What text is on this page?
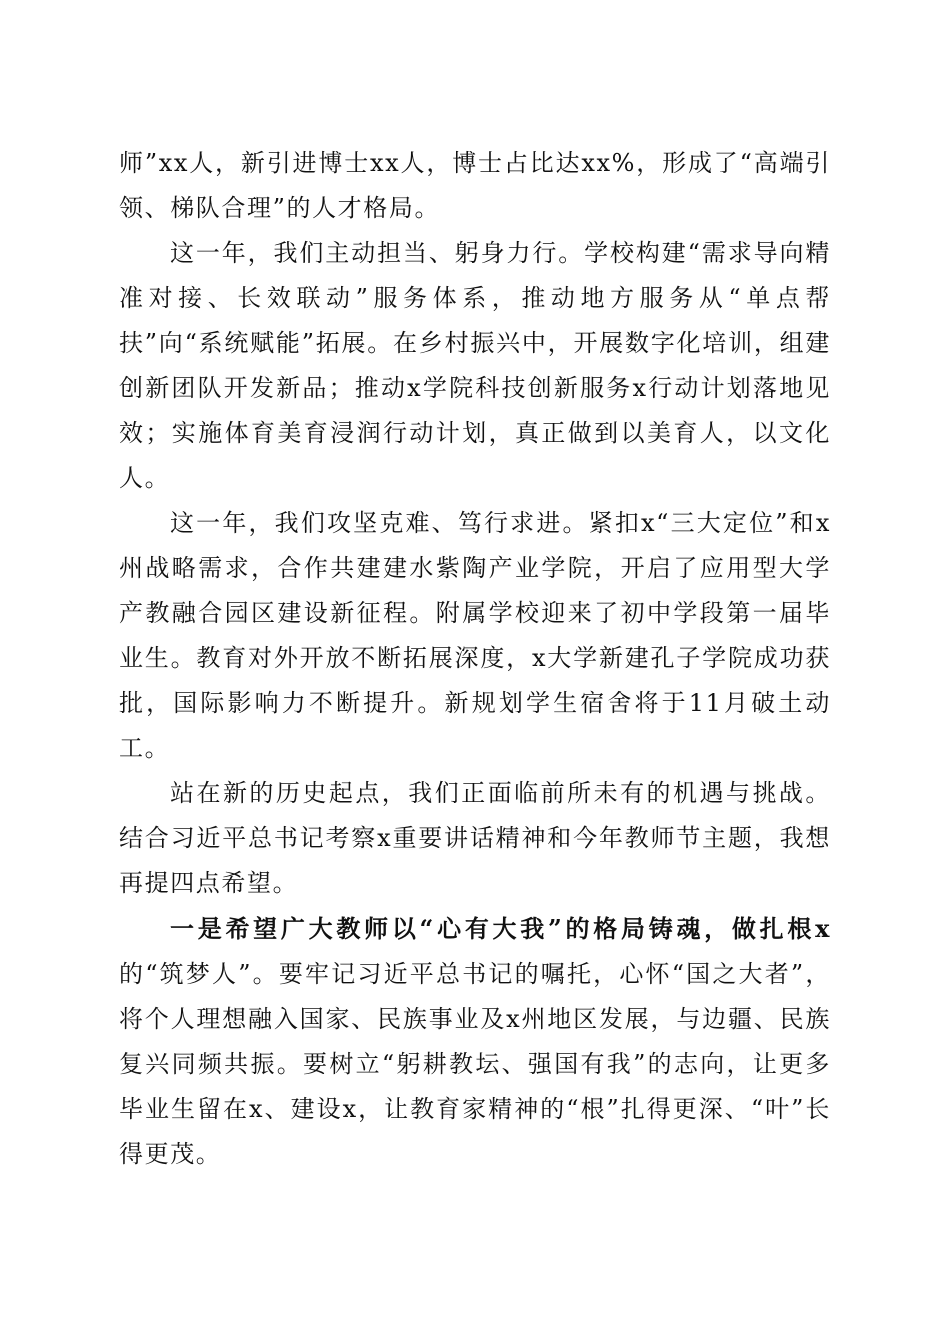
师”xx人，新引进博士xx人，博士占比达xx%，形成了“高端引领、梯队合理”的人才格局。

这一年，我们主动担当、躬身力行。学校构建“需求导向精准对接、长效联动”服务体系，推动地方服务从“单点帮扶”向“系统赋能”拓展。在乡村振兴中，开展数字化培训，组建创新团队开发新品；推动x学院科技创新服务x行动计划落地见效；实施体育美育浸润行动计划，真正做到以美育人，以文化人。

这一年，我们攻坚克难、笃行求进。紧扣x“三大定位”和x州战略需求，合作共建建水紫陶产业学院，开启了应用型大学产教融合园区建设新征程。附属学校迎来了初中学段第一届毕业生。教育对外开放不断拓展深度，x大学新建孔子学院成功获批，国际影响力不断提升。新规划学生宿舍将于11月破土动工。

站在新的历史起点，我们正面临前所未有的机遇与挑战。结合习近平总书记考察x重要讲话精神和今年教师节主题，我想再提四点希望。

一是希望广大教师以“心有大我”的格局铸魂，做扎根x的“筑梦人”。要牢记习近平总书记的嘱托，心怀“国之大者”，将个人理想融入国家、民族事业及x州地区发展，与边疆、民族复兴同频共振。要树立“躬耕教坛、强国有我”的志向，让更多毕业生留在x、建设x，让教育家精神的“根”扎得更深、“叶”长得更茂。
